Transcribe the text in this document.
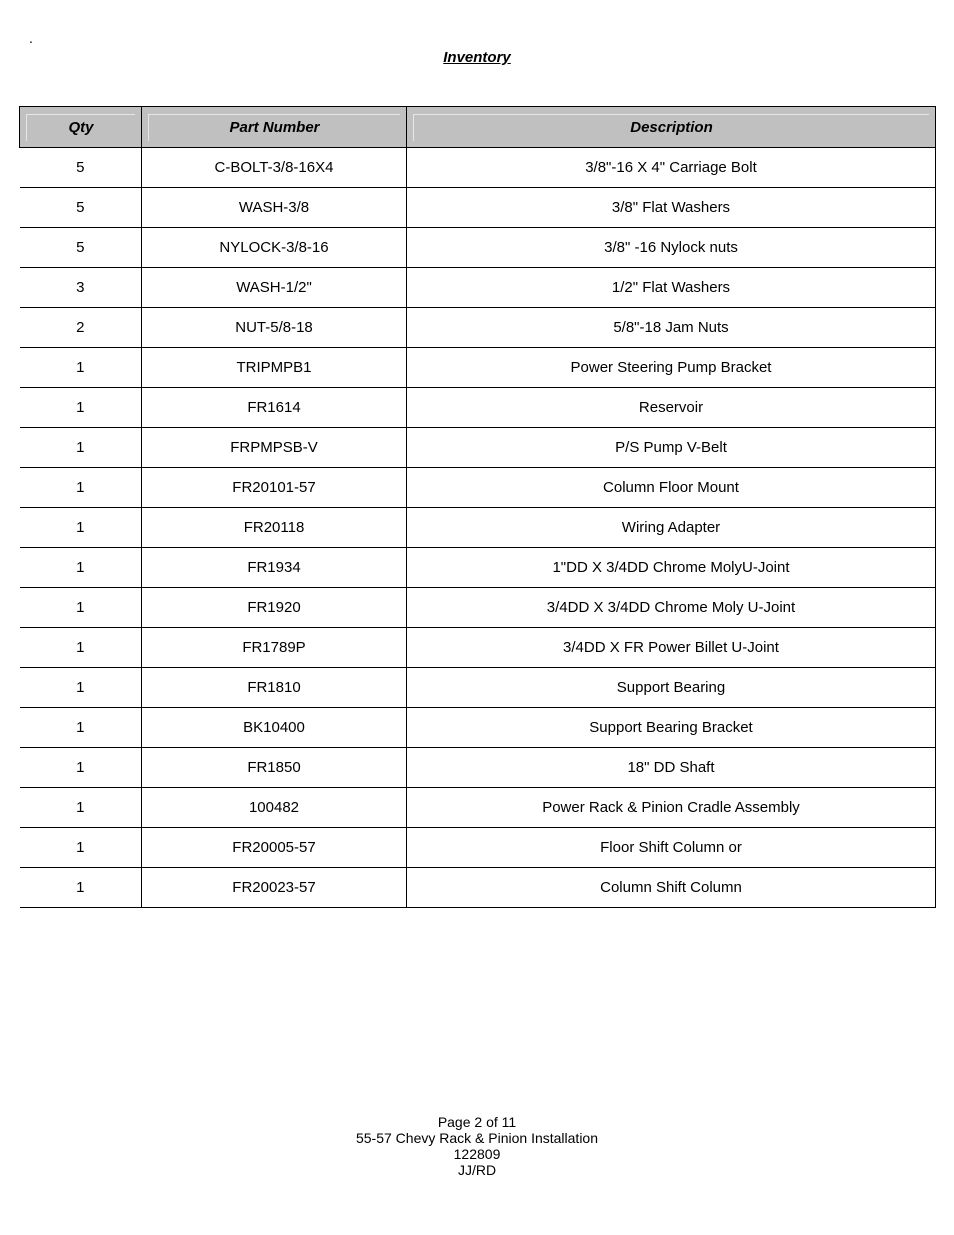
.
Inventory
Qty	Part Number	Description

5	C-BOLT-3/8-16X4	3/8"-16 X 4" Carriage Bolt
5	WASH-3/8	3/8" Flat Washers
5	NYLOCK-3/8-16	3/8" -16 Nylock nuts
3	WASH-1/2"	1/2" Flat Washers
2	NUT-5/8-18	5/8"-18 Jam Nuts
1	TRIPMPB1	Power Steering Pump Bracket
1	FR1614	Reservoir
1	FRPMPSB-V	P/S Pump V-Belt
1	FR20101-57	Column Floor Mount
1	FR20118	Wiring Adapter
1	FR1934	1"DD X 3/4DD Chrome MolyU-Joint
1	FR1920	3/4DD X 3/4DD Chrome Moly U-Joint
1	FR1789P	3/4DD X FR Power Billet U-Joint
1	FR1810	Support Bearing
1	BK10400	Support Bearing Bracket
1	FR1850	18" DD Shaft
1	100482	Power Rack & Pinion Cradle Assembly
1	FR20005-57	Floor Shift Column or
1	FR20023-57	Column Shift Column
Page 2 of 11
55-57 Chevy Rack & Pinion Installation
122809
JJ/RD
